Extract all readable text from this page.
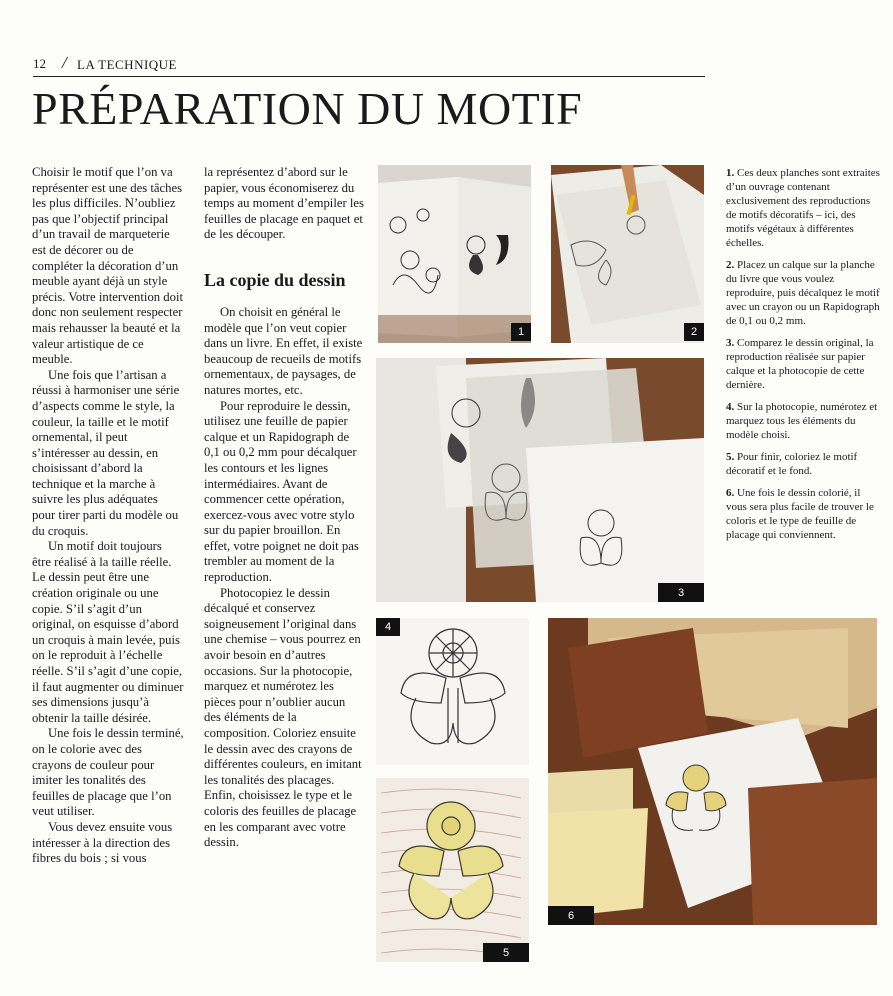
12 / LA TECHNIQUE
PRÉPARATION DU MOTIF

Choisir le motif que l’on va représenter est une des tâches les plus difficiles. N’oubliez pas que l’objectif principal d’un travail de marqueterie est de décorer ou de compléter la décoration d’un meuble ayant déjà un style précis. Votre intervention doit donc non seulement respecter mais rehausser la beauté et la valeur artistique de ce meuble.

Une fois que l’artisan a réussi à harmoniser une série d’aspects comme le style, la couleur, la taille et le motif ornemental, il peut s’intéresser au dessin, en choisissant d’abord la technique et la marche à suivre les plus adéquates pour tirer parti du modèle ou du croquis.

Un motif doit toujours être réalisé à la taille réelle. Le dessin peut être une création originale ou une copie. S’il s’agit d’un original, on esquisse d’abord un croquis à main levée, puis on le reproduit à l’échelle réelle. S’il s’agit d’une copie, il faut augmenter ou diminuer ses dimensions jusqu’à obtenir la taille désirée.

Une fois le dessin terminé, on le colorie avec des crayons de couleur pour imiter les tonalités des feuilles de placage que l’on veut utiliser.

Vous devez ensuite vous intéresser à la direction des fibres du bois ; si vous

la représentez d’abord sur le papier, vous économiserez du temps au moment d’empiler les feuilles de placage en paquet et de les découper.

La copie du dessin

On choisit en général le modèle que l’on veut copier dans un livre. En effet, il existe beaucoup de recueils de motifs ornementaux, de paysages, de natures mortes, etc.

Pour reproduire le dessin, utilisez une feuille de papier calque et un Rapidograph de 0,1 ou 0,2 mm pour décalquer les contours et les lignes intermédiaires. Avant de commencer cette opération, exercez-vous avec votre stylo sur du papier brouillon. En effet, votre poignet ne doit pas trembler au moment de la reproduction.

Photocopiez le dessin décalqué et conservez soigneusement l’original dans une chemise – vous pourrez en avoir besoin en d’autres occasions. Sur la photocopie, marquez et numérotez les pièces pour n’oublier aucun des éléments de la composition. Coloriez ensuite le dessin avec des crayons de différentes couleurs, en imitant les tonalités des placages. Enfin, choisissez le type et le coloris des feuilles de placage en les comparant avec votre dessin.

1. Ces deux planches sont extraites d’un ouvrage contenant exclusivement des reproductions de motifs décoratifs – ici, des motifs végétaux à différentes échelles.

2. Placez un calque sur la planche du livre que vous voulez reproduire, puis décalquez le motif avec un crayon ou un Rapidograph de 0,1 ou 0,2 mm.

3. Comparez le dessin original, la reproduction réalisée sur papier calque et la photocopie de cette dernière.

4. Sur la photocopie, numérotez et marquez tous les éléments du modèle choisi.

5. Pour finir, coloriez le motif décoratif et le fond.

6. Une fois le dessin colorié, il vous sera plus facile de trouver le coloris et le type de feuille de placage qui conviennent.

1	2
3
4
5
6
